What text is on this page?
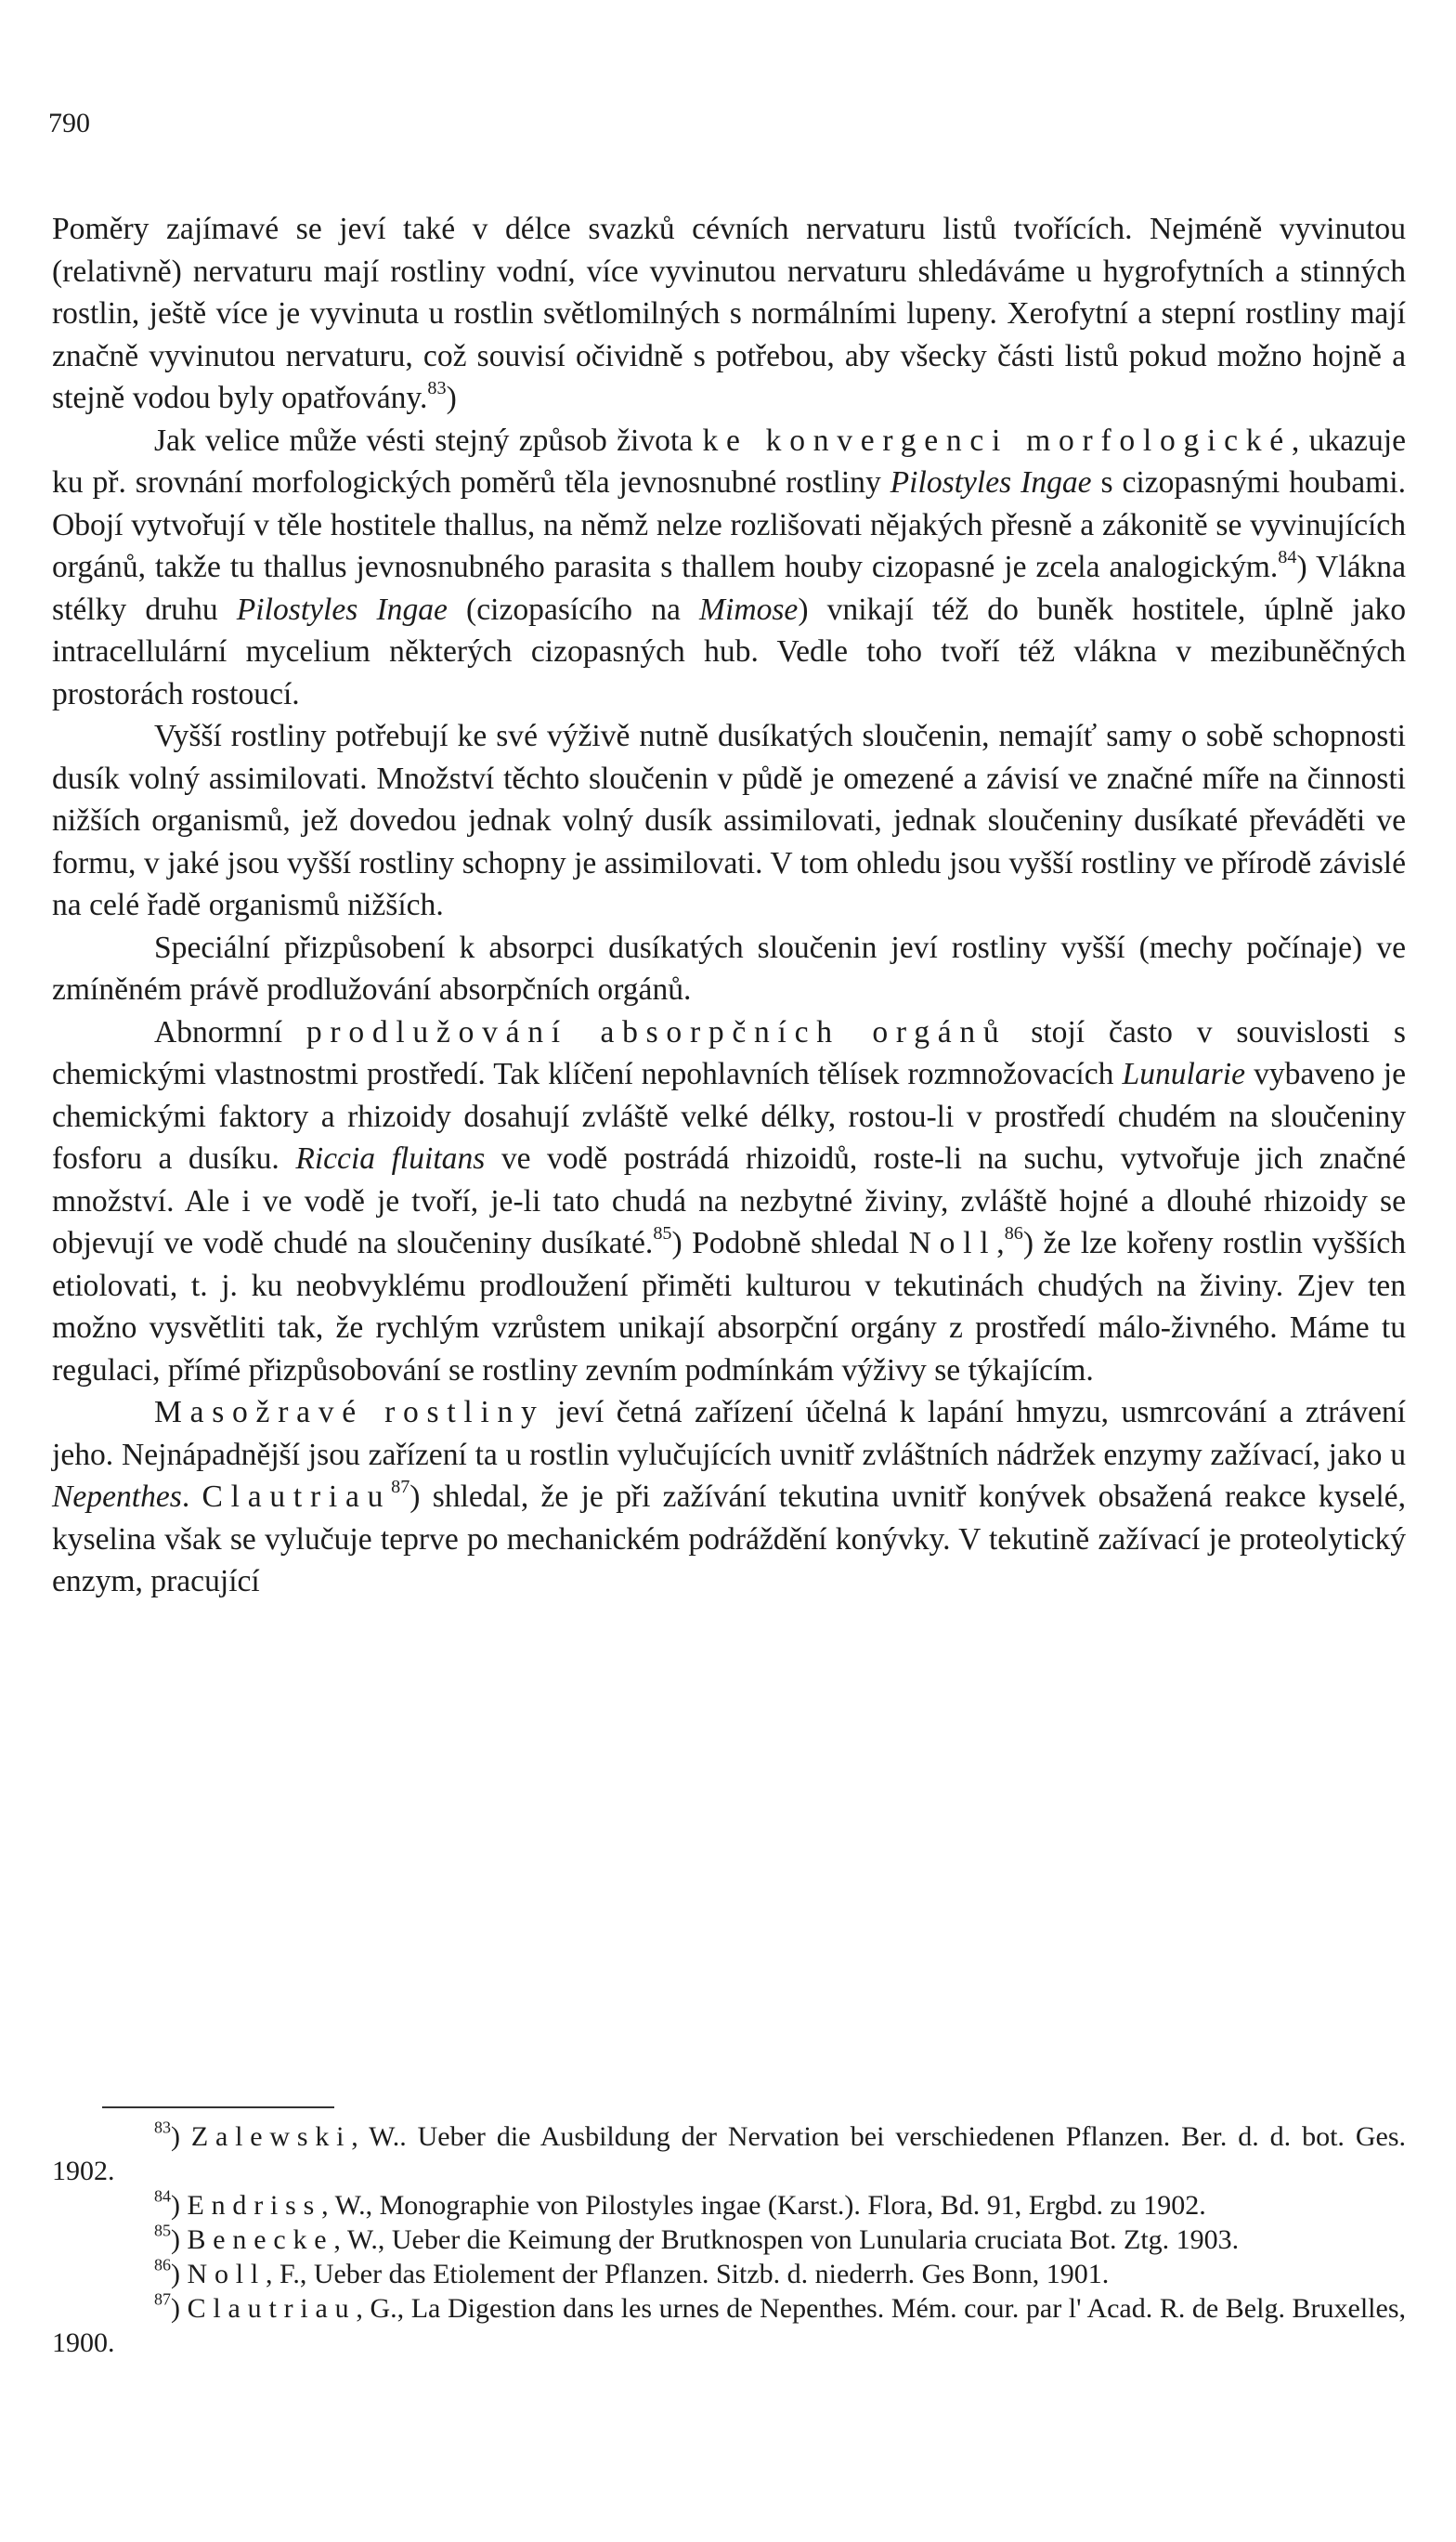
790

Poměry zajímavé se jeví také v délce svazků cévních nervaturu listů tvořících. Nejméně vyvinutou (relativně) nervaturu mají rostliny vodní, více vyvinutou nervaturu shledáváme u hygrofytních a stinných rostlin, ještě více je vyvinuta u rostlin světlomilných s normálními lupeny. Xerofytní a stepní rostliny mají značně vyvinutou nervaturu, což souvisí očividně s potřebou, aby všecky části listů pokud možno hojně a stejně vodou byly opatřovány.$^{83}$)

Jak velice může vésti stejný způsob života ke konvergenci morfologické, ukazuje ku př. srovnání morfologických poměrů těla jevnosnubné rostliny Pilostyles Ingae s cizopasnými houbami. Obojí vytvořují v těle hostitele thallus, na němž nelze rozlišovati nějakých přesně a zákonitě se vyvinujících orgánů, takže tu thallus jevnosnubného parasita s thallem houby cizopasné je zcela analogickým.$^{84}$) Vlákna stélky druhu Pilostyles Ingae (cizopasícího na Mimose) vnikají též do buněk hostitele, úplně jako intracellulární mycelium některých cizopasných hub. Vedle toho tvoří též vlákna v mezibuněčných prostorách rostoucí.

Vyšší rostliny potřebují ke své výživě nutně dusíkatých sloučenin, nemajíť samy o sobě schopnosti dusík volný assimilovati. Množství těchto sloučenin v půdě je omezené a závisí ve značné míře na činnosti nižších organismů, jež dovedou jednak volný dusík assimilovati, jednak sloučeniny dusíkaté převáděti ve formu, v jaké jsou vyšší rostliny schopny je assimilovati. V tom ohledu jsou vyšší rostliny ve přírodě závislé na celé řadě organismů nižších.

Speciální přizpůsobení k absorpci dusíkatých sloučenin jeví rostliny vyšší (mechy počínaje) ve zmíněném právě prodlužování absorpčních orgánů.

Abnormní prodlužování absorpčních orgánů stojí často v souvislosti s chemickými vlastnostmi prostředí. Tak klíčení nepohlavních tělísek rozmnožovacích Lunularie vybaveno je chemickými faktory a rhizoidy dosahují zvláště velké délky, rostou-li v prostředí chudém na sloučeniny fosforu a dusíku. Riccia fluitans ve vodě postrádá rhizoidů, roste-li na suchu, vytvořuje jich značné množství. Ale i ve vodě je tvoří, je-li tato chudá na nezbytné živiny, zvláště hojné a dlouhé rhizoidy se objevují ve vodě chudé na sloučeniny dusíkaté.$^{85}$) Podobně shledal Noll,$^{86}$) že lze kořeny rostlin vyšších etiolovati, t. j. ku neobvyklému prodloužení přiměti kulturou v tekutinách chudých na živiny. Zjev ten možno vysvětliti tak, že rychlým vzrůstem unikají absorpční orgány z prostředí málo-živného. Máme tu regulaci, přímé přizpůsobování se rostliny zevním podmínkám výživy se týkajícím.

Masožravé rostliny jeví četná zařízení účelná k lapání hmyzu, usmrcování a ztrávení jeho. Nejnápadnější jsou zařízení ta u rostlin vylučujících uvnitř zvláštních nádržek enzymy zažívací, jako u Nepenthes. Clautriau$^{87}$) shledal, že je při zažívání tekutina uvnitř konývek obsažená reakce kyselé, kyselina však se vylučuje teprve po mechanickém podráždění konývky. V tekutině zažívací je proteolytický enzym, pracující

$^{83}$) Zalewski, W.. Ueber die Ausbildung der Nervation bei verschiedenen Pflanzen. Ber. d. d. bot. Ges. 1902.

$^{84}$) Endriss, W., Monographie von Pilostyles ingae (Karst.). Flora, Bd. 91, Ergbd. zu 1902.

$^{85}$) Benecke, W., Ueber die Keimung der Brutknospen von Lunularia cruciata Bot. Ztg. 1903.

$^{86}$) Noll, F., Ueber das Etiolement der Pflanzen. Sitzb. d. niederrh. Ges Bonn, 1901.

$^{87}$) Clautriau, G., La Digestion dans les urnes de Nepenthes. Mém. cour. par l' Acad. R. de Belg. Bruxelles, 1900.
